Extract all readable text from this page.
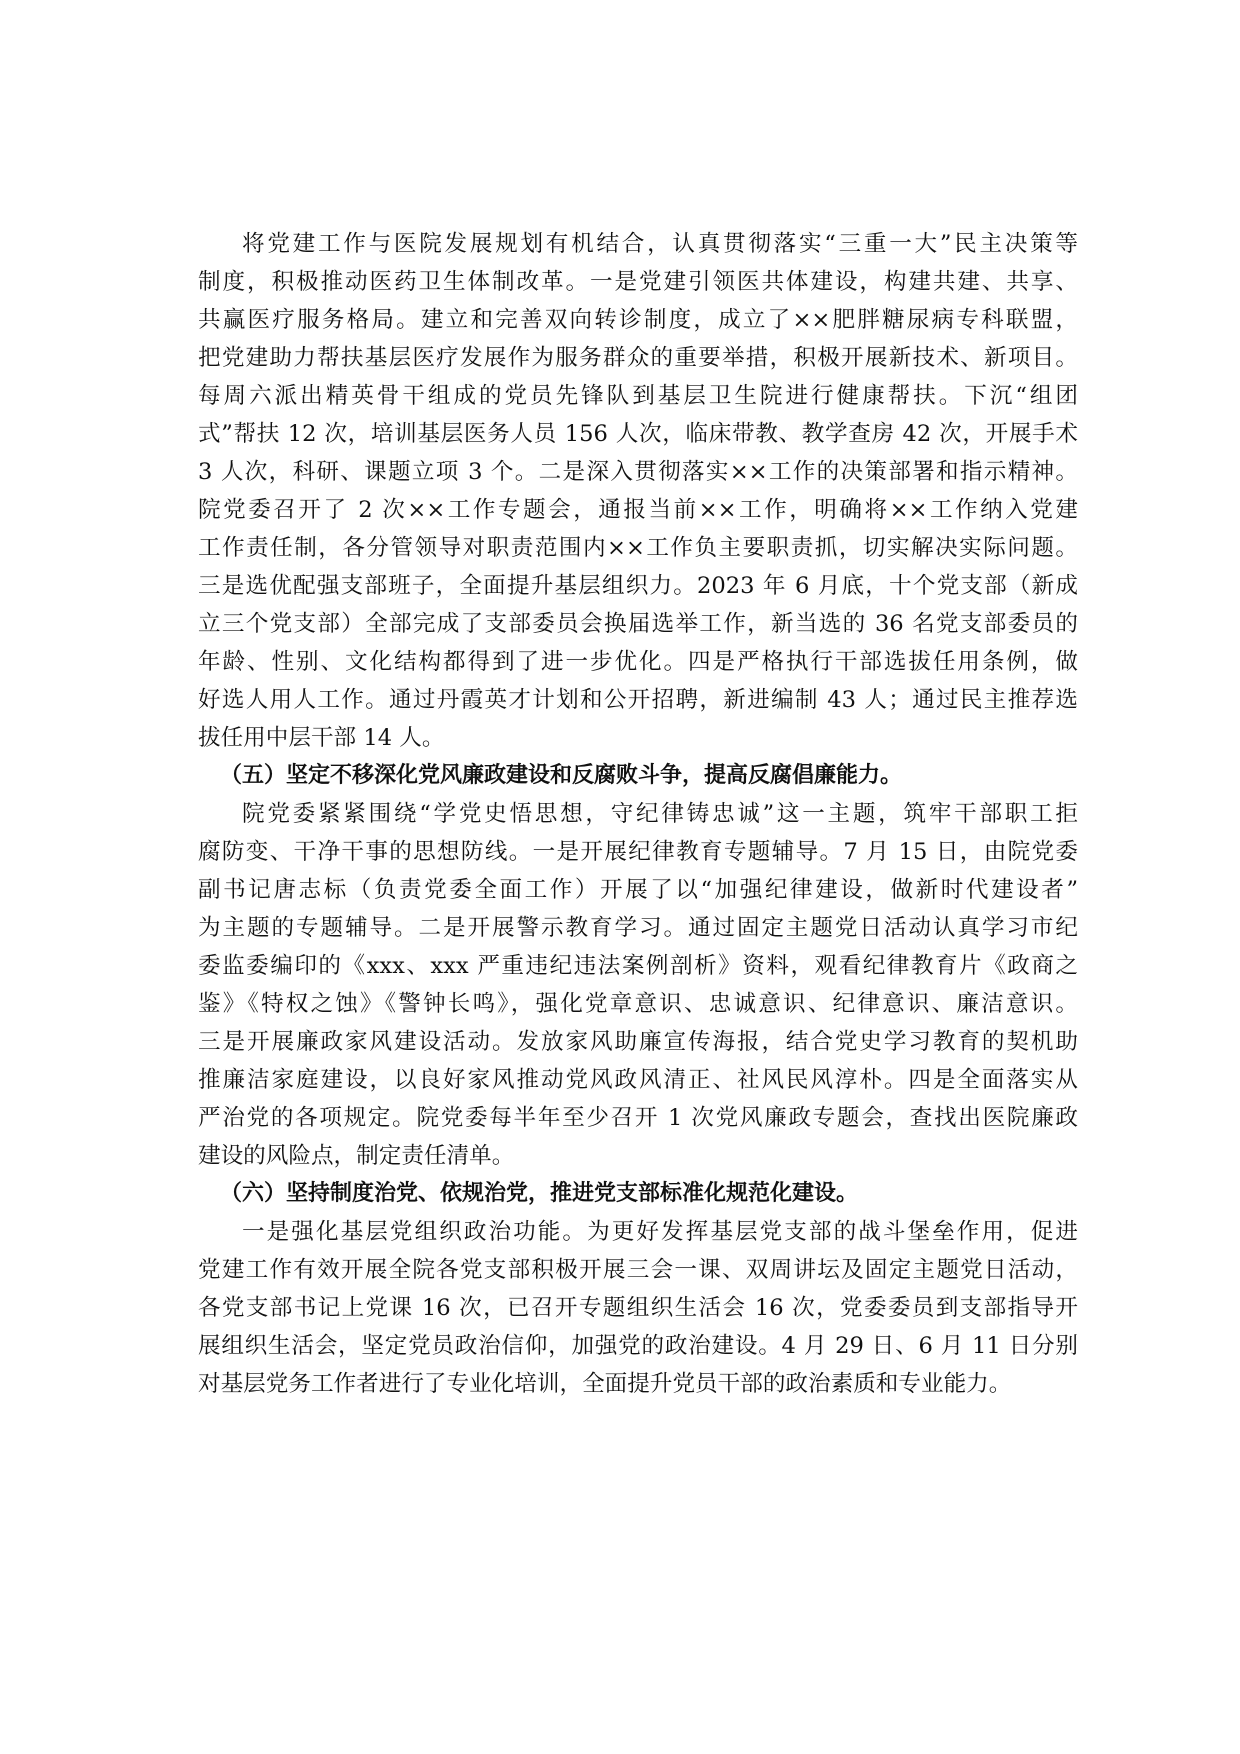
将党建工作与医院发展规划有机结合，认真贯彻落实“三重一大”民主决策等
制度，积极推动医药卫生体制改革。一是党建引领医共体建设，构建共建、共享、
共赢医疗服务格局。建立和完善双向转诊制度，成立了××肥胖糖尿病专科联盟，
把党建助力帮扶基层医疗发展作为服务群众的重要举措，积极开展新技术、新项目。
每周六派出精英骨干组成的党员先锋队到基层卫生院进行健康帮扶。下沉“组团
式”帮扶 12 次，培训基层医务人员 156 人次，临床带教、教学查房 42 次，开展手术
3 人次，科研、课题立项 3 个。二是深入贯彻落实××工作的决策部署和指示精神。
院党委召开了 2 次××工作专题会，通报当前××工作，明确将××工作纳入党建
工作责任制，各分管领导对职责范围内××工作负主要职责抓，切实解决实际问题。
三是选优配强支部班子，全面提升基层组织力。2023 年 6 月底，十个党支部（新成
立三个党支部）全部完成了支部委员会换届选举工作，新当选的 36 名党支部委员的
年龄、性别、文化结构都得到了进一步优化。四是严格执行干部选拔任用条例，做
好选人用人工作。通过丹霞英才计划和公开招聘，新进编制 43 人；通过民主推荐选
拔任用中层干部 14 人。
（五）坚定不移深化党风廉政建设和反腐败斗争，提高反腐倡廉能力。
院党委紧紧围绕“学党史悟思想，守纪律铸忠诚”这一主题，筑牢干部职工拒
腐防变、干净干事的思想防线。一是开展纪律教育专题辅导。7 月 15 日，由院党委
副书记唐志标（负责党委全面工作）开展了以“加强纪律建设，做新时代建设者”
为主题的专题辅导。二是开展警示教育学习。通过固定主题党日活动认真学习市纪
委监委编印的《xxx、xxx 严重违纪违法案例剖析》资料，观看纪律教育片《政商之
鉴》《特权之蚀》《警钟长鸣》，强化党章意识、忠诚意识、纪律意识、廉洁意识。
三是开展廉政家风建设活动。发放家风助廉宣传海报，结合党史学习教育的契机助
推廉洁家庭建设，以良好家风推动党风政风清正、社风民风淳朴。四是全面落实从
严治党的各项规定。院党委每半年至少召开 1 次党风廉政专题会，查找出医院廉政
建设的风险点，制定责任清单。
（六）坚持制度治党、依规治党，推进党支部标准化规范化建设。
一是强化基层党组织政治功能。为更好发挥基层党支部的战斗堡垒作用，促进
党建工作有效开展全院各党支部积极开展三会一课、双周讲坛及固定主题党日活动，
各党支部书记上党课 16 次，已召开专题组织生活会 16 次，党委委员到支部指导开
展组织生活会，坚定党员政治信仰，加强党的政治建设。4 月 29 日、6 月 11 日分别
对基层党务工作者进行了专业化培训，全面提升党员干部的政治素质和专业能力。
